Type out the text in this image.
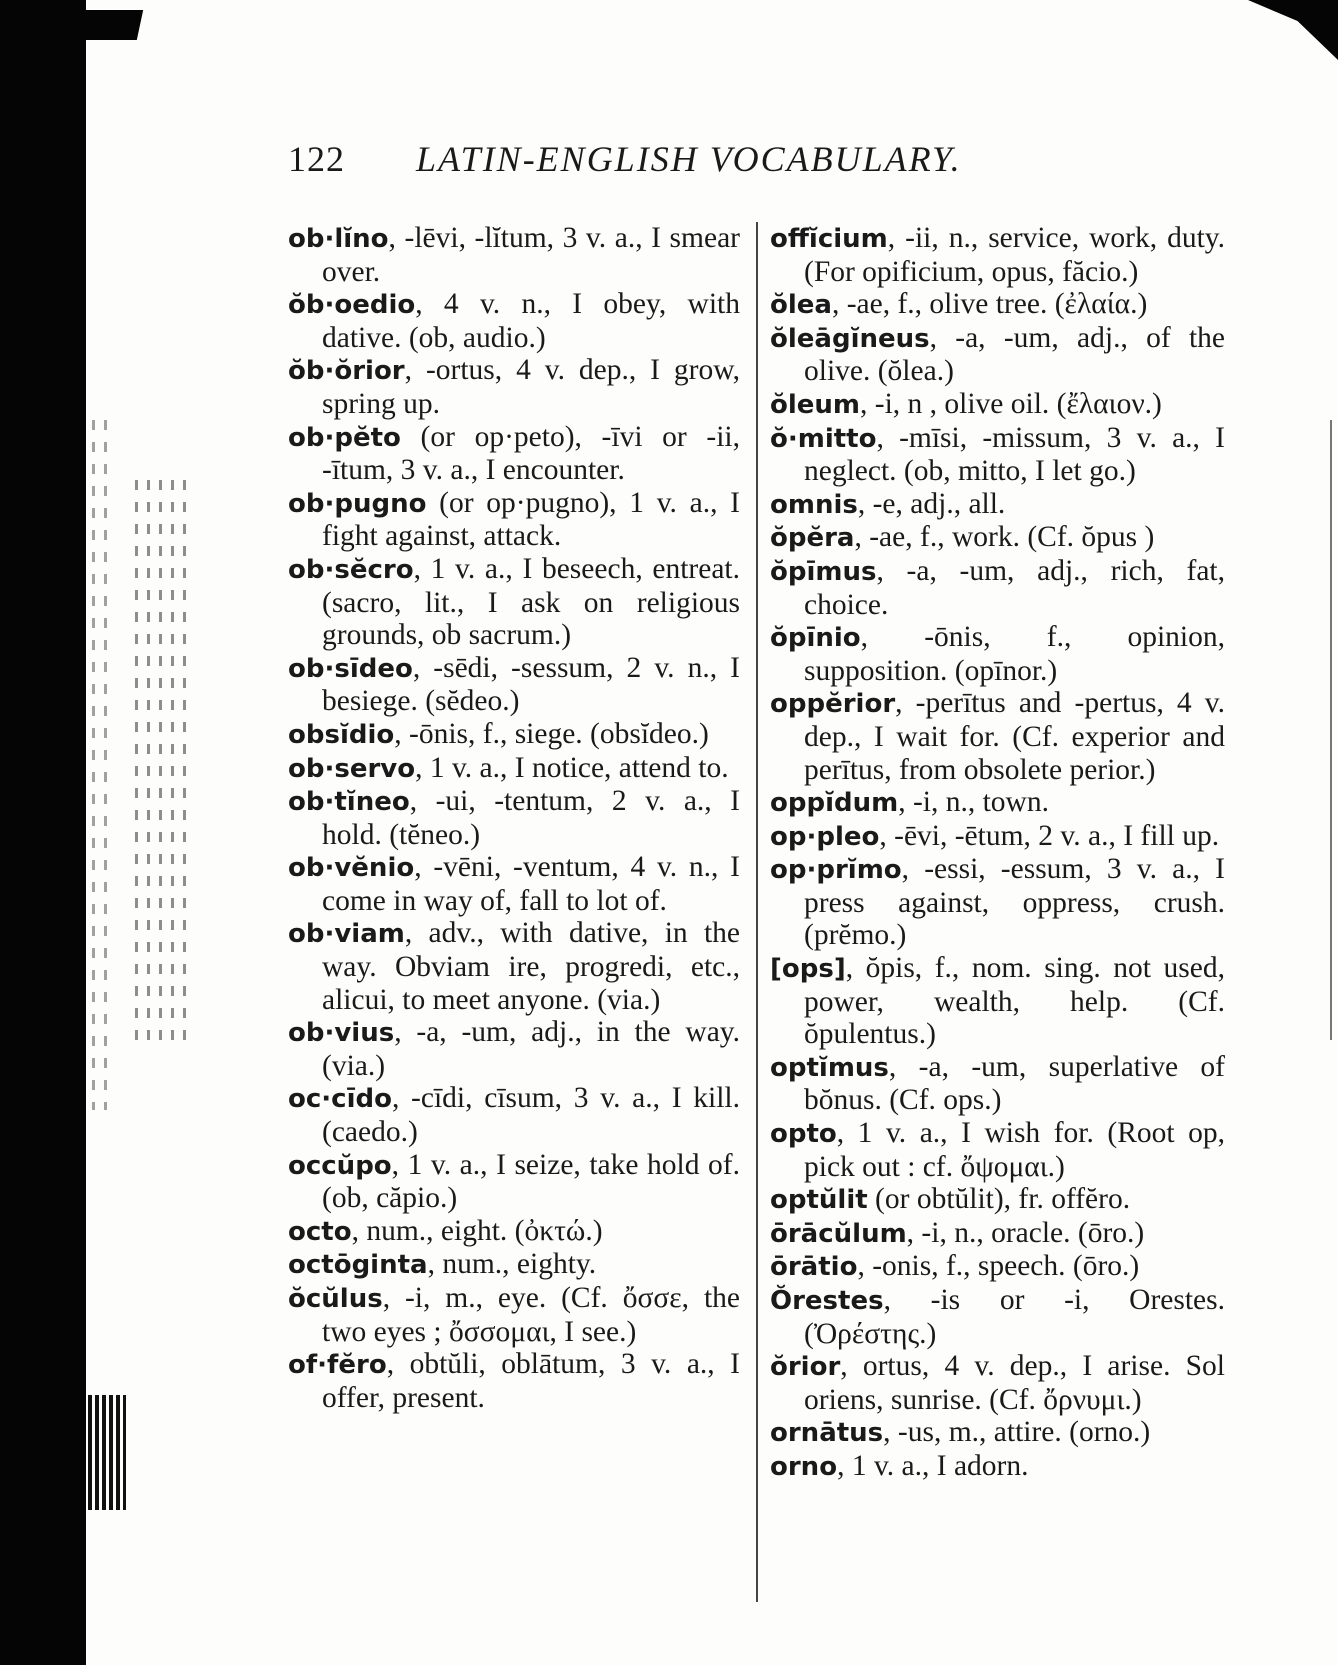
122 LATIN-ENGLISH VOCABULARY.
ob·lĭno, -lēvi, -lĭtum, 3 v. a., I smear over.
ŏb·oedio, 4 v. n., I obey, with dative. (ob, audio.)
ŏb·ŏrior, -ortus, 4 v. dep., I grow, spring up.
ob·pĕto (or op·peto), -īvi or -ii, -ītum, 3 v. a., I encounter.
ob·pugno (or op·pugno), 1 v. a., I fight against, attack.
ob·sĕcro, 1 v. a., I beseech, entreat. (sacro, lit., I ask on religious grounds, ob sacrum.)
ob·sīdeo, -sēdi, -sessum, 2 v. n., I besiege. (sĕdeo.)
obsĭdio, -ōnis, f., siege. (obsĭdeo.)
ob·servo, 1 v. a., I notice, attend to.
ob·tĭneo, -ui, -tentum, 2 v. a., I hold. (tĕneo.)
ob·vĕnio, -vēni, -ventum, 4 v. n., I come in way of, fall to lot of.
ob·viam, adv., with dative, in the way. Obviam ire, progredi, etc., alicui, to meet anyone. (via.)
ob·vius, -a, -um, adj., in the way. (via.)
oc·cīdo, -cīdi, cīsum, 3 v. a., I kill. (caedo.)
occŭpo, 1 v. a., I seize, take hold of. (ob, căpio.)
octo, num., eight. (ὀκτώ.)
octōginta, num., eighty.
ŏcŭlus, -i, m., eye. (Cf. ὄσσε, the two eyes ; ὄσσομαι, I see.)
of·fĕro, obtŭli, oblātum, 3 v. a., I offer, present.
offĭcium, -ii, n., service, work, duty. (For opificium, opus, făcio.)
ŏlea, -ae, f., olive tree. (ἐλαία.)
ŏleāgĭneus, -a, -um, adj., of the olive. (ŏlea.)
ŏleum, -i, n , olive oil. (ἔλαιον.)
ŏ·mitto, -mīsi, -missum, 3 v. a., I neglect. (ob, mitto, I let go.)
omnis, -e, adj., all.
ŏpĕra, -ae, f., work. (Cf. ŏpus )
ŏpīmus, -a, -um, adj., rich, fat, choice.
ŏpīnio, -ōnis, f., opinion, supposition. (opīnor.)
oppĕrior, -perītus and -pertus, 4 v. dep., I wait for. (Cf. experior and perītus, from obsolete perior.)
oppĭdum, -i, n., town.
op·pleo, -ēvi, -ētum, 2 v. a., I fill up.
op·prĭmo, -essi, -essum, 3 v. a., I press against, oppress, crush. (prĕmo.)
[ops], ŏpis, f., nom. sing. not used, power, wealth, help. (Cf. ŏpulentus.)
optĭmus, -a, -um, superlative of bŏnus. (Cf. ops.)
opto, 1 v. a., I wish for. (Root op, pick out : cf. ὄψομαι.)
optŭlit (or obtŭlit), fr. offĕro.
ōrācŭlum, -i, n., oracle. (ōro.)
ōrātio, -onis, f., speech. (ōro.)
Ŏrestes, -is or -i, Orestes. (Ὀρέστης.)
ŏrior, ortus, 4 v. dep., I arise. Sol oriens, sunrise. (Cf. ὄρνυμι.)
ornātus, -us, m., attire. (orno.)
orno, 1 v. a., I adorn.
